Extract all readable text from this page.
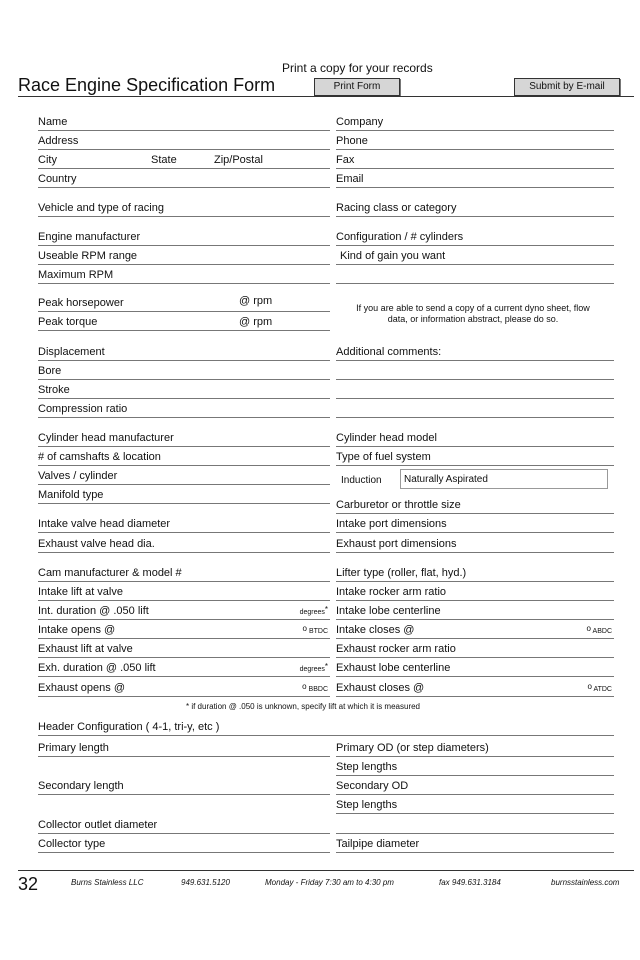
Print a copy for your records
Race Engine Specification Form	Print Form	Submit by E-mail
Name
Address
City	State	Zip/Postal
Country
Vehicle and type of racing
Engine manufacturer
Useable RPM range
Maximum RPM
Peak horsepower	@ rpm
Peak torque	@ rpm
Displacement
Bore
Stroke
Compression ratio
Cylinder head manufacturer
# of camshafts & location
Valves / cylinder
Manifold type
Intake valve head diameter
Exhaust valve head dia.
Cam manufacturer & model #
Intake lift at valve
Int. duration @ .050 lift	degrees*
Intake opens @	$^o$ BTDC
Exhaust lift at valve
Exh. duration @ .050 lift	degrees*
Exhaust opens @	$^o$ BBDC
* if duration @ .050 is unknown, specify lift at which it is measured
Header Configuration ( 4-1, tri-y, etc )
Primary length
Secondary length
Collector outlet diameter
Collector type
Company
Phone
Fax
Email
Racing class or category
Configuration / # cylinders
Kind of gain you want
Additional comments:
Cylinder head model
Type of fuel system
Carburetor or throttle size
Intake port dimensions
Exhaust port dimensions
Lifter type (roller, flat, hyd.)
Intake rocker arm ratio
Intake lobe centerline
Intake closes @	$^o$ ABDC
Exhaust rocker arm ratio
Exhaust lobe centerline
Exhaust closes @	$^o$ ATDC
Primary OD (or step diameters)
Step lengths
Secondary OD
Step lengths
Tailpipe diameter
If you are able to send a copy of a current dyno sheet, flow data, or information abstract, please do so.
Induction	Naturally Aspirated
32	Burns Stainless LLC	949.631.5120	Monday - Friday 7:30 am to 4:30 pm	fax 949.631.3184	burnsstainless.com
